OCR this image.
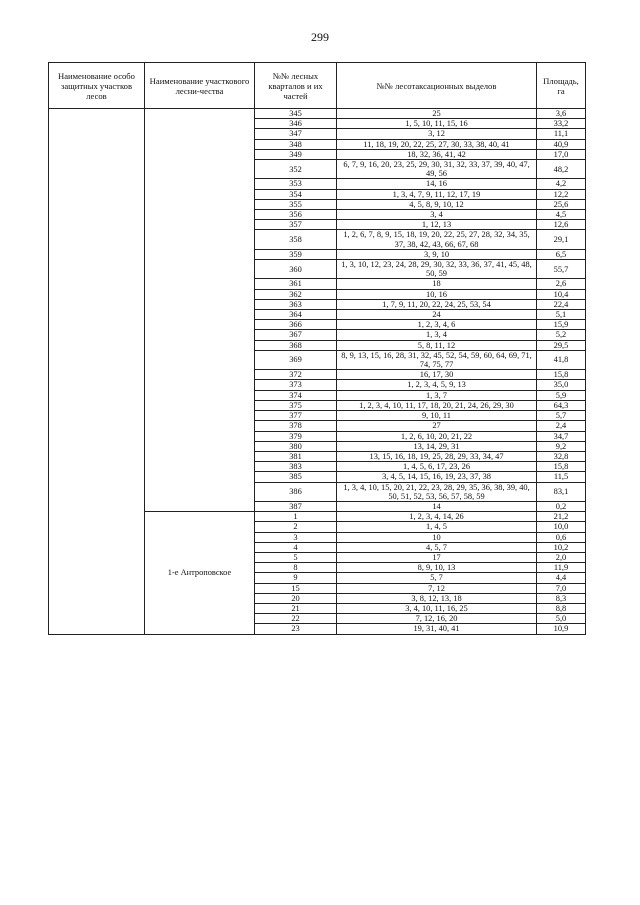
299
Наименование особо защитных участков лесов	Наименование участкового лесни-чества	№№ лесных кварталов и их частей	№№ лесотаксационных выделов	Площадь, га
		345	25	3,6
		346	1, 5, 10, 11, 15, 16	33,2
		347	3, 12	11,1
		348	11, 18, 19, 20, 22, 25, 27, 30, 33, 38, 40, 41	40,9
		349	18, 32, 36, 41, 42	17,0
		352	6, 7, 9, 16, 20, 23, 25, 29, 30, 31, 32, 33, 37, 39, 40, 47, 49, 56	48,2
		353	14, 16	4,2
		354	1, 3, 4, 7, 9, 11, 12, 17, 19	12,2
		355	4, 5, 8, 9, 10, 12	25,6
		356	3, 4	4,5
		357	1, 12, 13	12,6
		358	1, 2, 6, 7, 8, 9, 15, 18, 19, 20, 22, 25, 27, 28, 32, 34, 35, 37, 38, 42, 43, 66, 67, 68	29,1
		359	3, 9, 10	6,5
		360	1, 3, 10, 12, 23, 24, 28, 29, 30, 32, 33, 36, 37, 41, 45, 48, 50, 59	55,7
		361	18	2,6
		362	10, 16	10,4
		363	1, 7, 9, 11, 20, 22, 24, 25, 53, 54	22,4
		364	24	5,1
		366	1, 2, 3, 4, 6	15,9
		367	1, 3, 4	5,2
		368	5, 8, 11, 12	29,5
		369	8, 9, 13, 15, 16, 28, 31, 32, 45, 52, 54, 59, 60, 64, 69, 71, 74, 75, 77	41,8
		372	16, 17, 30	15,8
		373	1, 2, 3, 4, 5, 9, 13	35,0
		374	1, 3, 7	5,9
		375	1, 2, 3, 4, 10, 11, 17, 18, 20, 21, 24, 26, 29, 30	64,3
		377	9, 10, 11	5,7
		378	27	2,4
		379	1, 2, 6, 10, 20, 21, 22	34,7
		380	13, 14, 29, 31	9,2
		381	13, 15, 16, 18, 19, 25, 28, 29, 33, 34, 47	32,8
		383	1, 4, 5, 6, 17, 23, 26	15,8
		385	3, 4, 5, 14, 15, 16, 19, 23, 37, 38	11,5
		386	1, 3, 4, 10, 15, 20, 21, 22, 23, 28, 29, 35, 36, 38, 39, 40, 50, 51, 52, 53, 56, 57, 58, 59	83,1
		387	14	0,2
	1-е Антроповское	1	1, 2, 3, 4, 14, 26	21,2
		2	1, 4, 5	10,0
		3	10	0,6
		4	4, 5, 7	10,2
		5	17	2,0
		8	8, 9, 10, 13	11,9
		9	5, 7	4,4
		15	7, 12	7,0
		20	3, 8, 12, 13, 18	8,3
		21	3, 4, 10, 11, 16, 25	8,8
		22	7, 12, 16, 20	5,0
		23	19, 31, 40, 41	10,9
